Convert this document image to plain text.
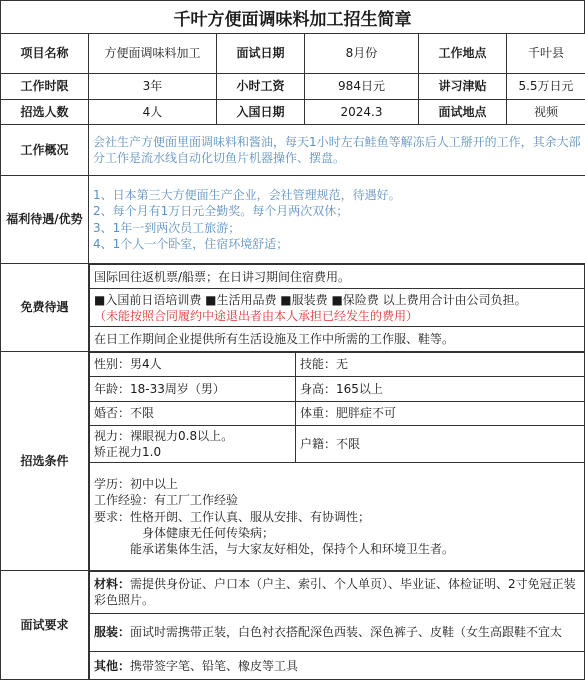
千叶方便面调味料加工招生简章
项目名称	方便面调味料加工	面试日期	8月份	工作地点	千叶县
工作时限	3年	小时工资	984日元	讲习津贴	5.5万日元
招选人数	4人	入国日期	2024.3	面试地点	视频
工作概况	会社生产方便面里面调味料和酱油，每天1小时左右鲑鱼等解冻后人工掰开的工作，其余大部分工作是流水线自动化切鱼片机器操作、摆盘。
福利待遇/优势	
1、日本第三大方便面生产企业，会社管理规范，待遇好。
2、每个月有1万日元全勤奖。每个月两次双休；
3、1年一到两次员工旅游；
4、1个人一个卧室，住宿环境舒适；

免费待遇	
国际回往返机票/船票；在日讲习期间住宿费用。

■入国前日语培训费 ■生活用品费 ■服装费 ■保险费 以上费用合计由公司负担。
（未能按照合同履约中途退出者由本人承担已经发生的费用）

在日工作期间企业提供所有生活设施及工作中所需的工作服、鞋等。

招选条件	
性别：男4人	技能：无
年龄：18-33周岁（男）	身高：165以上
婚否：不限	体重：肥胖症不可

视力：裸眼视力0.8以上。
矫正视力1.0
	户籍：不限

学历：初中以上
工作经验：有工厂工作经验
要求：性格开朗、工作认真、服从安排、有协调性；
身体健康无任何传染病；
能承诺集体生活，与大家友好相处，保持个人和环境卫生者。

面试要求	
材料：需提供身份证、户口本（户主、索引、个人单页）、毕业证、体检证明、2寸免冠正装彩色照片。
服装：面试时需携带正装，白色衬衣搭配深色西装、深色裤子、皮鞋（女生高跟鞋不宜太
其他：携带签字笔、铅笔、橡皮等工具
